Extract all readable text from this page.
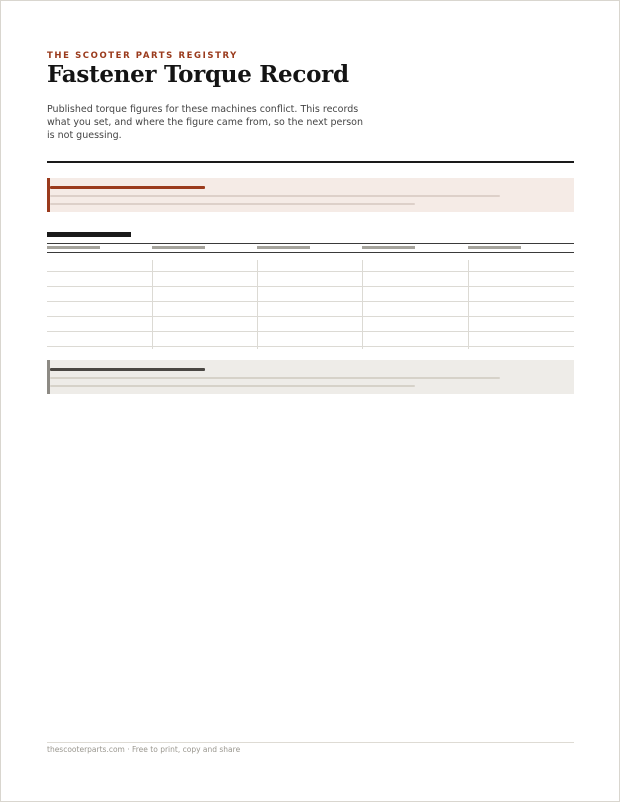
THE SCOOTER PARTS REGISTRY
Fastener Torque Record
Published torque figures for these machines conflict. This records what you set, and where the figure came from, so the next person is not guessing.
thescooterparts.com · Free to print, copy and share
